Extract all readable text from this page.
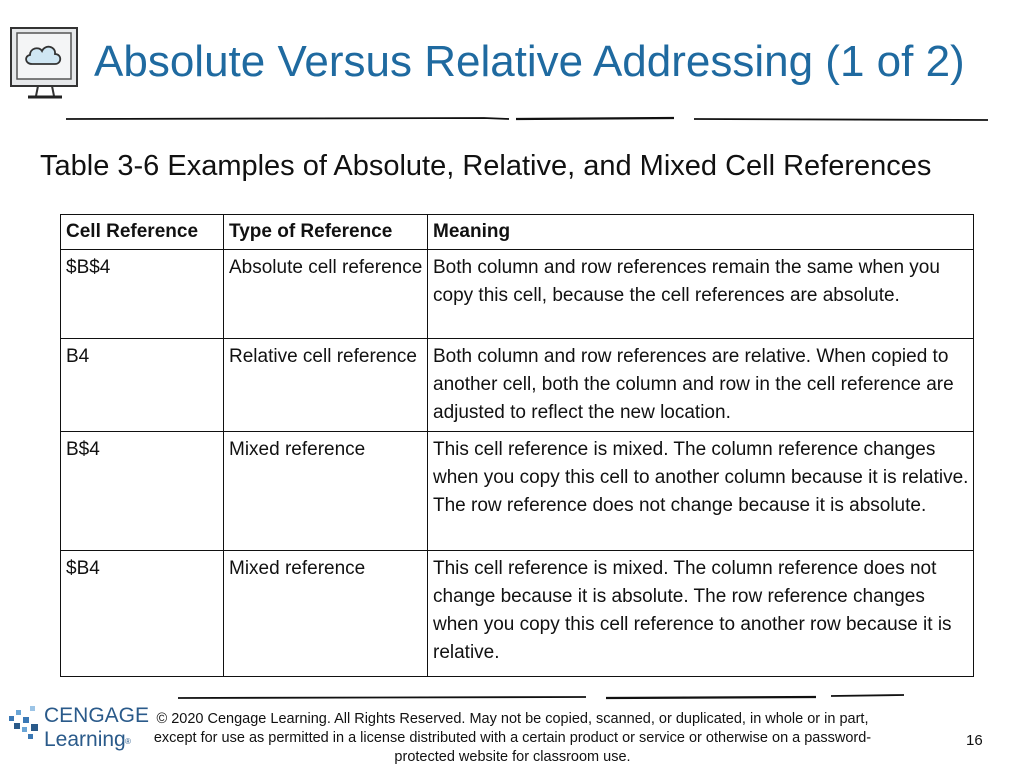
Absolute Versus Relative Addressing (1 of 2)
Table 3-6 Examples of Absolute, Relative, and Mixed Cell References
Cell Reference	Type of Reference	Meaning
$B$4	Absolute cell reference	Both column and row references remain the same when you copy this cell, because the cell references are absolute.
B4	Relative cell reference	Both column and row references are relative. When copied to another cell, both the column and row in the cell reference are adjusted to reflect the new location.
B$4	Mixed reference	This cell reference is mixed. The column reference changes when you copy this cell to another column because it is relative. The row reference does not change because it is absolute.
$B4	Mixed reference	This cell reference is mixed. The column reference does not change because it is absolute. The row reference changes when you copy this cell reference to another row because it is relative.
CENGAGE
Learning ®
© 2020 Cengage Learning. All Rights Reserved. May not be copied, scanned, or duplicated, in whole or in part, except for use as permitted in a license distributed with a certain product or service or otherwise on a password-protected website for classroom use.
16
